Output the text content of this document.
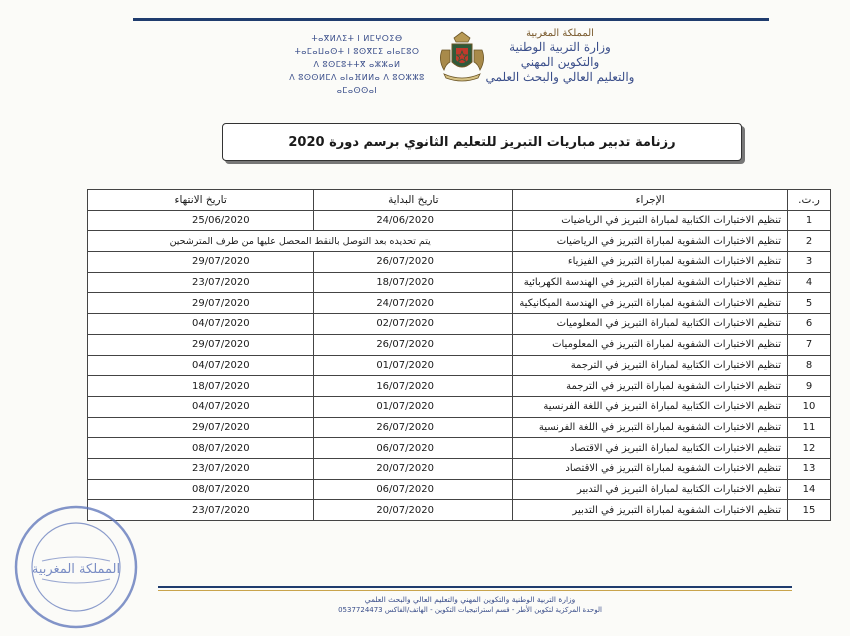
ⵜⴰⴳⵍⴷⵉⵜ ⵏ ⵍⵎⵖⵔⵉⴱ
ⵜⴰⵎⴰⵡⴰⵙⵜ ⵏ ⵓⵙⴳⵎⵉ ⴰⵏⴰⵎⵓⵔ
ⴷ ⵓⵙⵎⵓⵜⵜⴳ ⴰⵣⵣⴰⵍ
ⴷ ⵓⵙⵙⵍⵎⴷ ⴰⵏⴰⴼⵍⵍⴰ ⴷ ⵓⵔⵣⵣⵓ ⴰⵎⴰⵙⵙⴰⵏ
المملكة المغربية
وزارة التربية الوطنية
والتكوين المهني
والتعليم العالي والبحث العلمي
رزنامة تدبير مباريات التبريز للتعليم الثانوي برسم دورة 2020
ر.ت.	الإجراء	تاريخ البداية	تاريخ الانتهاء
1	تنظيم الاختبارات الكتابية لمباراة التبريز في الرياضيات	24/06/2020	25/06/2020
2	تنظيم الاختبارات الشفوية لمباراة التبريز في الرياضيات	يتم تحديده بعد التوصل بالنقط المحصل عليها من طرف المترشحين	
3	تنظيم الاختبارات الشفوية لمباراة التبريز في الفيزياء	26/07/2020	29/07/2020
4	تنظيم الاختبارات الشفوية لمباراة التبريز في الهندسة الكهربائية	18/07/2020	23/07/2020
5	تنظيم الاختبارات الشفوية لمباراة التبريز في الهندسة الميكانيكية	24/07/2020	29/07/2020
6	تنظيم الاختبارات الكتابية لمباراة التبريز في المعلوميات	02/07/2020	04/07/2020
7	تنظيم الاختبارات الشفوية لمباراة التبريز في المعلوميات	26/07/2020	29/07/2020
8	تنظيم الاختبارات الكتابية لمباراة التبريز في الترجمة	01/07/2020	04/07/2020
9	تنظيم الاختبارات الشفوية لمباراة التبريز في الترجمة	16/07/2020	18/07/2020
10	تنظيم الاختبارات الكتابية لمباراة التبريز في اللغة الفرنسية	01/07/2020	04/07/2020
11	تنظيم الاختبارات الشفوية لمباراة التبريز في اللغة الفرنسية	26/07/2020	29/07/2020
12	تنظيم الاختبارات الكتابية لمباراة التبريز في الاقتصاد	06/07/2020	08/07/2020
13	تنظيم الاختبارات الشفوية لمباراة التبريز في الاقتصاد	20/07/2020	23/07/2020
14	تنظيم الاختبارات الكتابية لمباراة التبريز في التدبير	06/07/2020	08/07/2020
15	تنظيم الاختبارات الشفوية لمباراة التبريز في التدبير	20/07/2020	23/07/2020
المملكة المغربية
وزارة التربية الوطنية والتكوين المهني والتعليم العالي والبحث العلمي
الوحدة المركزية لتكوين الأطر - قسم استراتيجيات التكوين - الهاتف/الفاكس 0537724473
